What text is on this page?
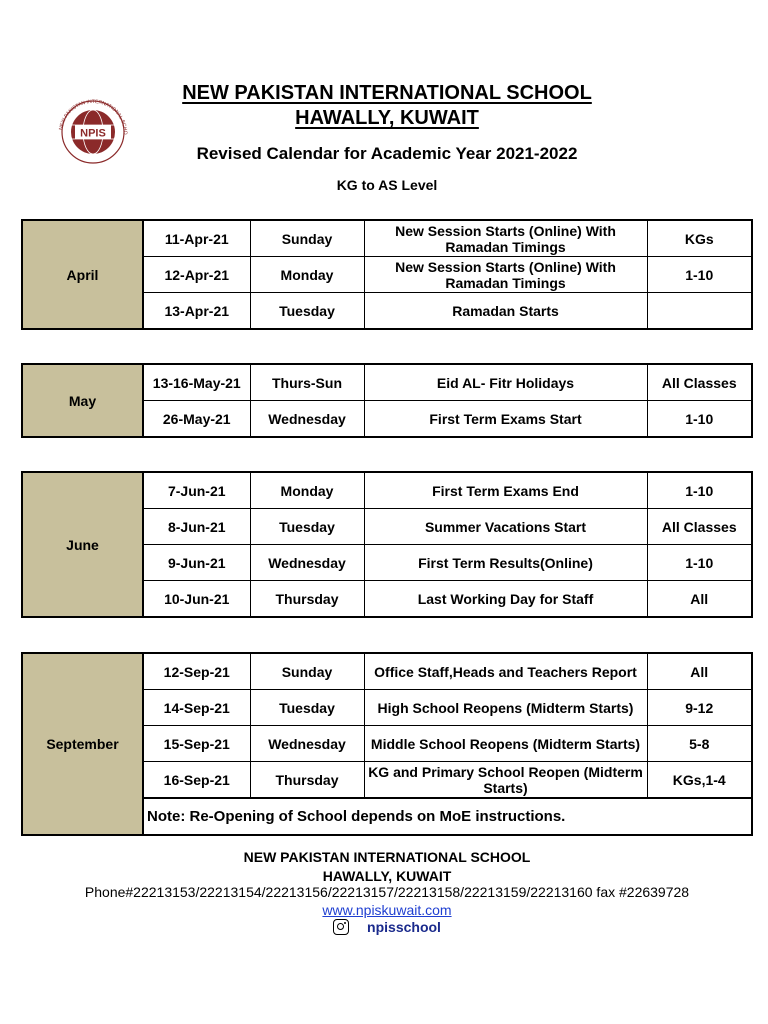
NEW PAKISTAN INTERNATIONAL SCHO
NPIS
NEW PAKISTAN INTERNATIONAL SCHOOL
HAWALLY, KUWAIT
Revised Calendar for Academic Year 2021-2022
KG to AS Level
April	11-Apr-21	Sunday	New Session Starts (Online) With Ramadan Timings	KGs
	12-Apr-21	Monday	New Session Starts (Online) With Ramadan Timings	1-10
	13-Apr-21	Tuesday	Ramadan Starts	
May	13-16-May-21	Thurs-Sun	Eid AL- Fitr Holidays	All Classes
	26-May-21	Wednesday	First Term Exams Start	1-10
June	7-Jun-21	Monday	First Term Exams End	1-10
	8-Jun-21	Tuesday	Summer Vacations Start	All Classes
	9-Jun-21	Wednesday	First Term Results(Online)	1-10
	10-Jun-21	Thursday	Last Working Day for Staff	All
September	12-Sep-21	Sunday	Office Staff,Heads and Teachers Report	All
	14-Sep-21	Tuesday	High School Reopens (Midterm Starts)	9-12
	15-Sep-21	Wednesday	Middle School Reopens (Midterm Starts)	5-8
	16-Sep-21	Thursday	KG and Primary School Reopen (Midterm Starts)	KGs,1-4
	Note: Re-Opening of School depends on MoE instructions.			
NEW PAKISTAN INTERNATIONAL SCHOOL
HAWALLY, KUWAIT
Phone#22213153/22213154/22213156/22213157/22213158/22213159/22213160 fax #22639728
www.npiskuwait.com
npisschool
